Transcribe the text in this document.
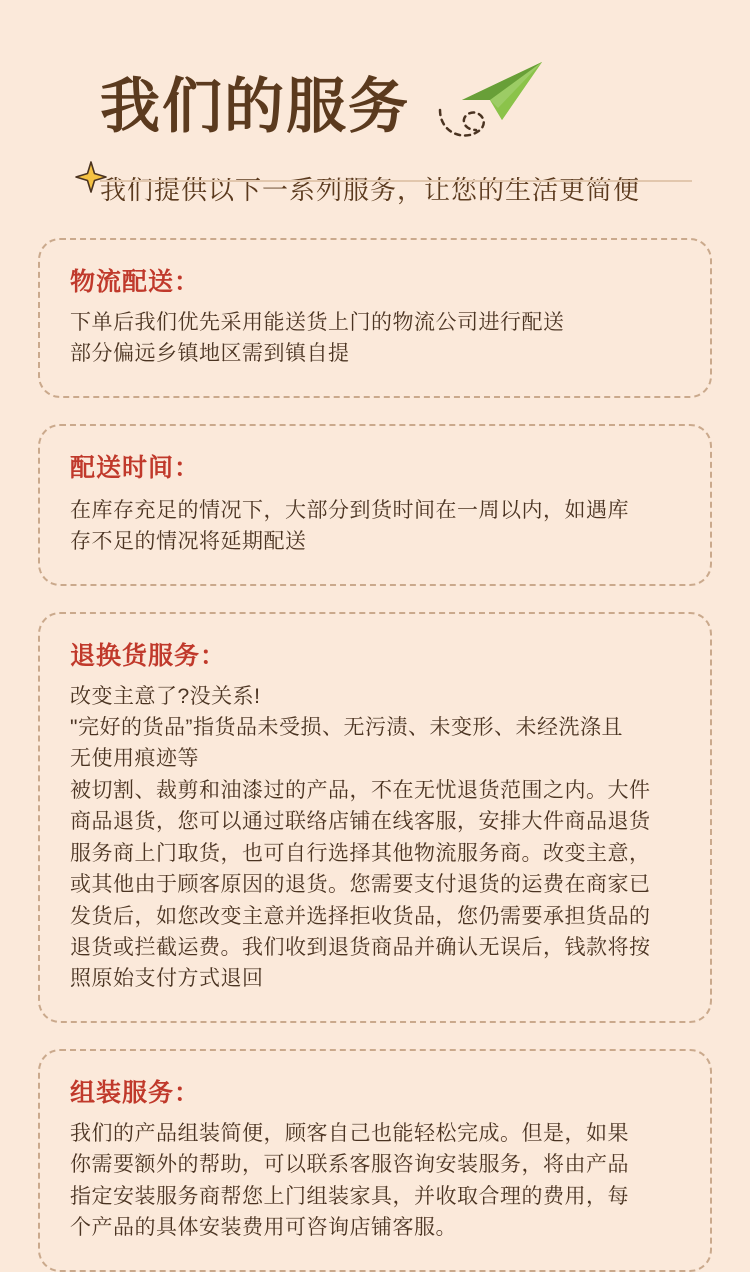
我们的服务
我们提供以下一系列服务，让您的生活更简便
物流配送：

下单后我们优先采用能送货上门的物流公司进行配送

部分偏远乡镇地区需到镇自提

配送时间：

在库存充足的情况下，大部分到货时间在一周以内，如遇库

存不足的情况将延期配送

退换货服务：

改变主意了?没关系!

"完好的货品”指货品未受损、无污渍、未变形、未经洗涤且

无使用痕迹等

被切割、裁剪和油漆过的产品，不在无忧退货范围之内。大件

商品退货，您可以通过联络店铺在线客服，安排大件商品退货

服务商上门取货，也可自行选择其他物流服务商。改变主意，

或其他由于顾客原因的退货。您需要支付退货的运费在商家已

发货后，如您改变主意并选择拒收货品，您仍需要承担货品的

退货或拦截运费。我们收到退货商品并确认无误后，钱款将按

照原始支付方式退回

组装服务：

我们的产品组装简便，顾客自己也能轻松完成。但是，如果

你需要额外的帮助，可以联系客服咨询安装服务，将由产品

指定安装服务商帮您上门组装家具，并收取合理的费用，每

个产品的具体安装费用可咨询店铺客服。
